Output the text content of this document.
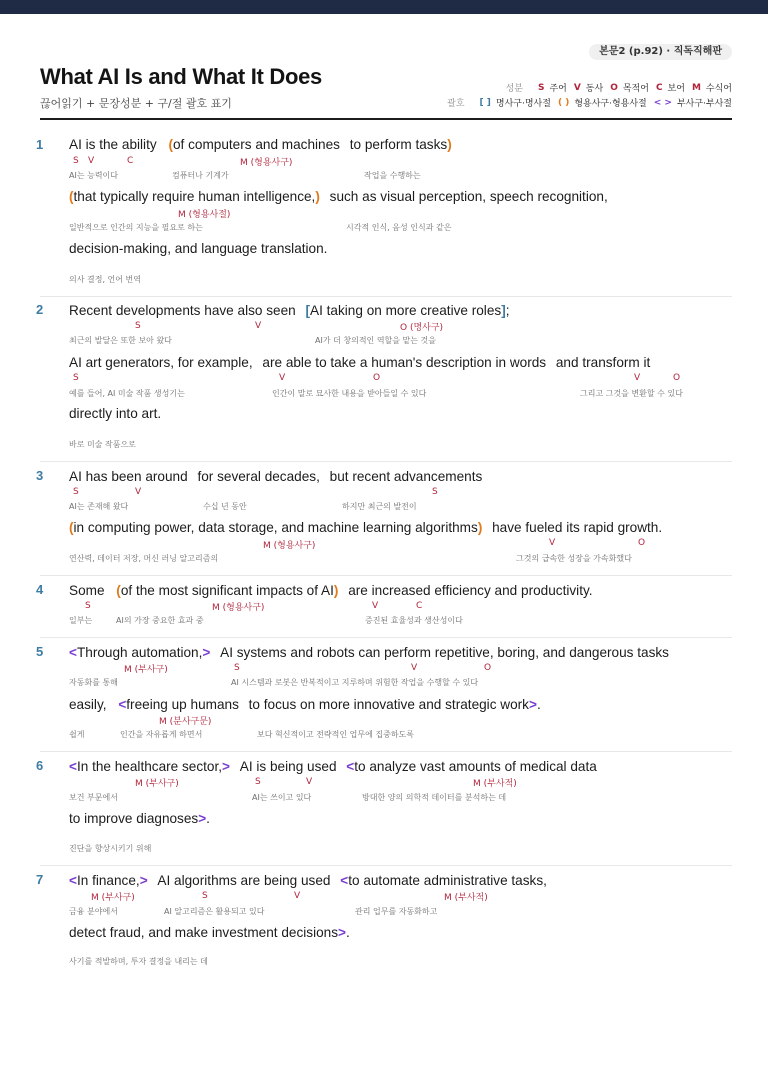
본문2 (p.92) · 직독직해판
What AI Is and What It Does
끊어읽기 + 문장성분 + 구/절 괄호 표기
성분 S 주어 V 동사 O 목적어 C 보어 M 수식어
괄호 [ ] 명사구·명사절 ( ) 형용사구·형용사절 < > 부사구·부사절
1 AI is the ability (of computers and machines to perform tasks)
S V	C	M (형용사구)
AI는 능력이다	컴퓨터나 기계가	작업을 수행하는
(that typically require human intelligence,) such as visual perception, speech recognition,
M (형용사절)
일반적으로 인간의 지능을 필요로 하는	시각적 인식, 음성 인식과 같은
decision-making, and language translation.
의사 결정, 언어 번역
2 Recent developments have also seen [AI taking on more creative roles];
S	V	O (명사구)
최근의 발달은 또한 보아 왔다	AI가 더 창의적인 역할을 맡는 것을
AI art generators, for example, are able to take a human's description in words and transform it
S	V	O	V	O
예를 들어, AI 미술 작품 생성기는	인간이 말로 묘사한 내용을 받아들일 수 있다	그리고 그것을 변환할 수 있다
directly into art.
바로 미술 작품으로
3 AI has been around for several decades, but recent advancements
S	V	S
AI는 존재해 왔다	수십 년 동안	하지만 최근의 발전이
(in computing power, data storage, and machine learning algorithms) have fueled its rapid growth.
M (형용사구)	V	O
연산력, 데이터 저장, 머신 러닝 알고리즘의	그것의 급속한 성장을 가속화했다
4 Some (of the most significant impacts of AI) are increased efficiency and productivity.
S	M (형용사구)	V	C
일부는	AI의 가장 중요한 효과 중	증진된 효율성과 생산성이다
5 <Through automation,> AI systems and robots can perform repetitive, boring, and dangerous tasks
M (부사구)	S	V	O
자동화를 통해	AI 시스템과 로봇은 반복적이고 지루하며 위험한 작업을 수행할 수 있다
easily, <freeing up humans to focus on more innovative and strategic work>.
M (분사구문)
쉽게	인간을 자유롭게 하면서	보다 혁신적이고 전략적인 업무에 집중하도록
6 <In the healthcare sector,> AI is being used <to analyze vast amounts of medical data
M (부사구)	S	V	M (부사적)
보건 부문에서	AI는 쓰이고 있다	방대한 양의 의학적 데이터를 분석하는 데
to improve diagnoses>.
진단을 향상시키기 위해
7 <In finance,> AI algorithms are being used <to automate administrative tasks,
M (부사구)	S	V	M (부사적)
금융 분야에서	AI 알고리즘은 활용되고 있다	관리 업무를 자동화하고
detect fraud, and make investment decisions>.
사기를 적발하며, 투자 결정을 내리는 데
